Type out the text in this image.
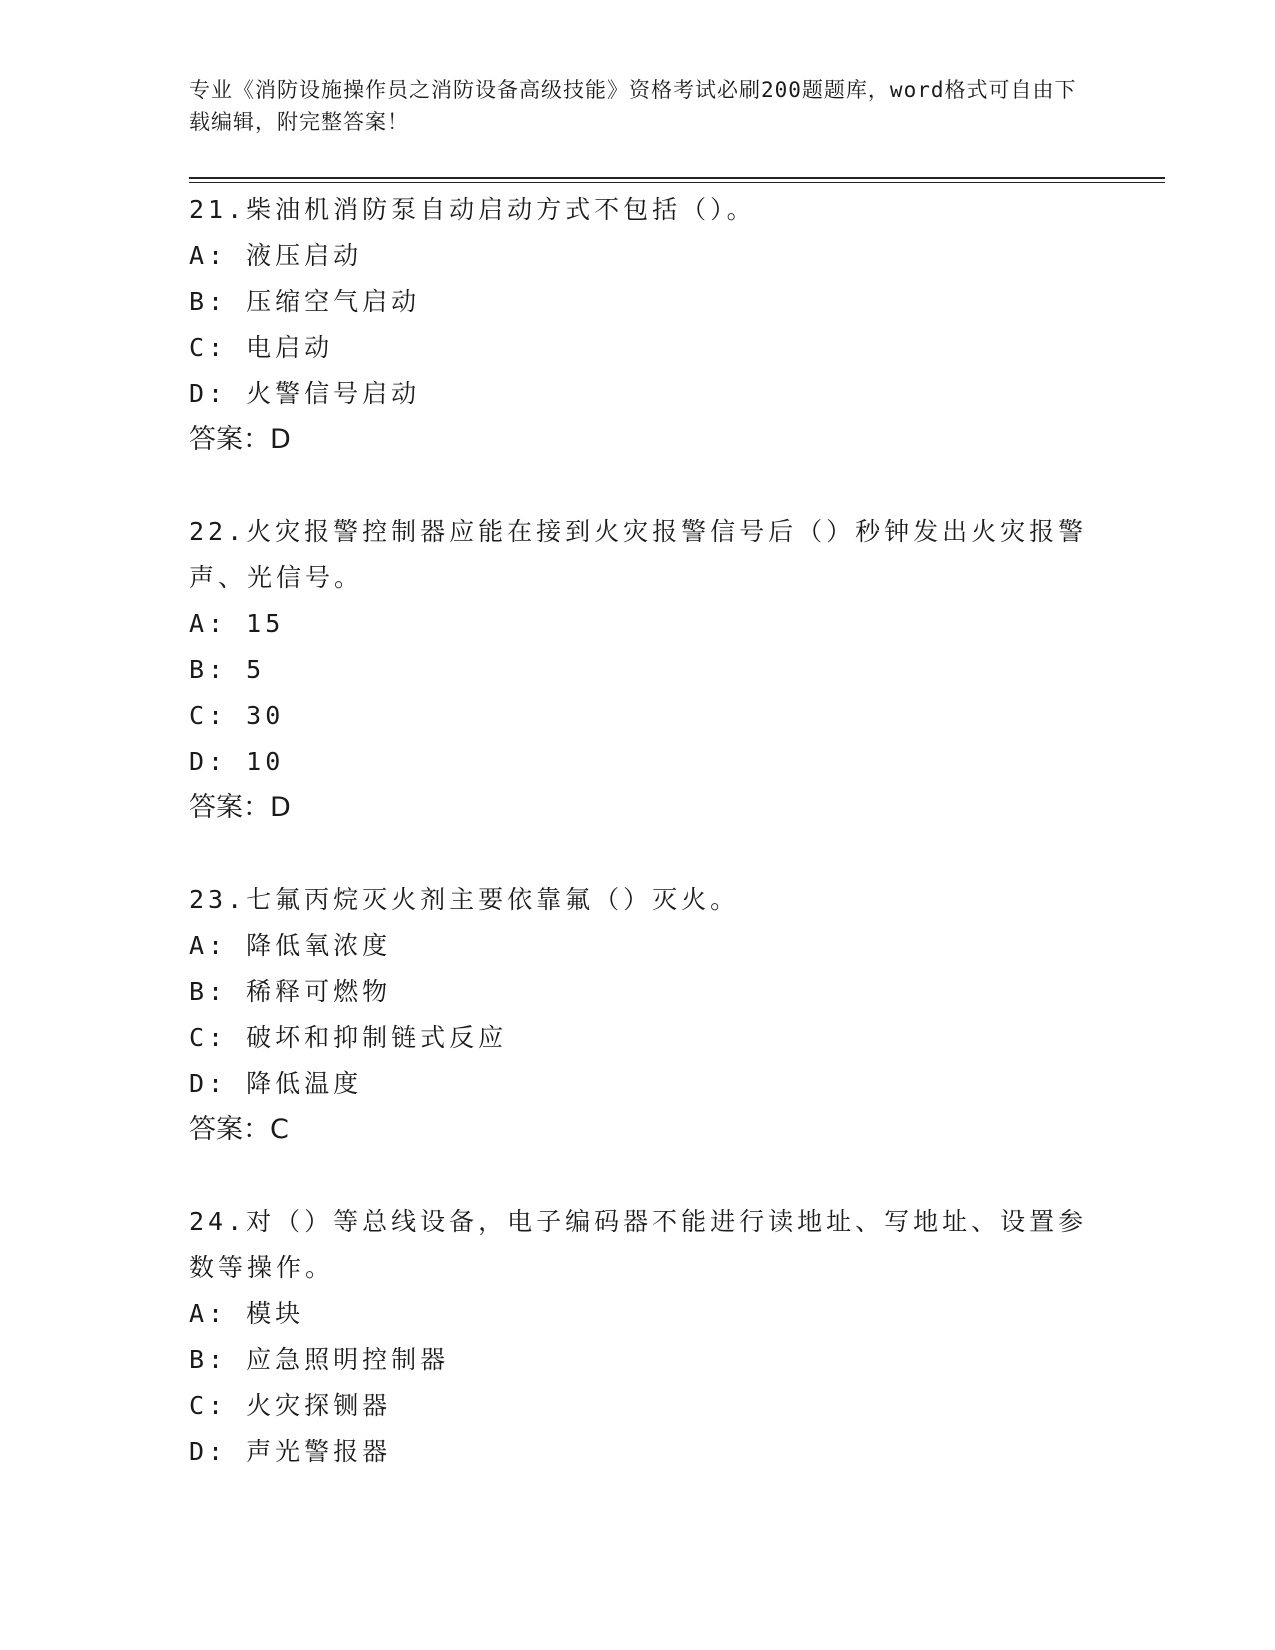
专业《消防设施操作员之消防设备高级技能》资格考试必刷200题题库，word格式可自由下载编辑，附完整答案！

21.柴油机消防泵自动启动方式不包括（）。

A: 液压启动

B: 压缩空气启动

C: 电启动

D: 火警信号启动

答案：D

22.火灾报警控制器应能在接到火灾报警信号后（）秒钟发出火灾报警声、光信号。

A: 15

B: 5

C: 30

D: 10

答案：D

23.七氟丙烷灭火剂主要依靠氟（）灭火。

A: 降低氧浓度

B: 稀释可燃物

C: 破坏和抑制链式反应

D: 降低温度

答案：C

24.对（）等总线设备，电子编码器不能进行读地址、写地址、设置参数等操作。

A: 模块

B: 应急照明控制器

C: 火灾探铡器

D: 声光警报器
